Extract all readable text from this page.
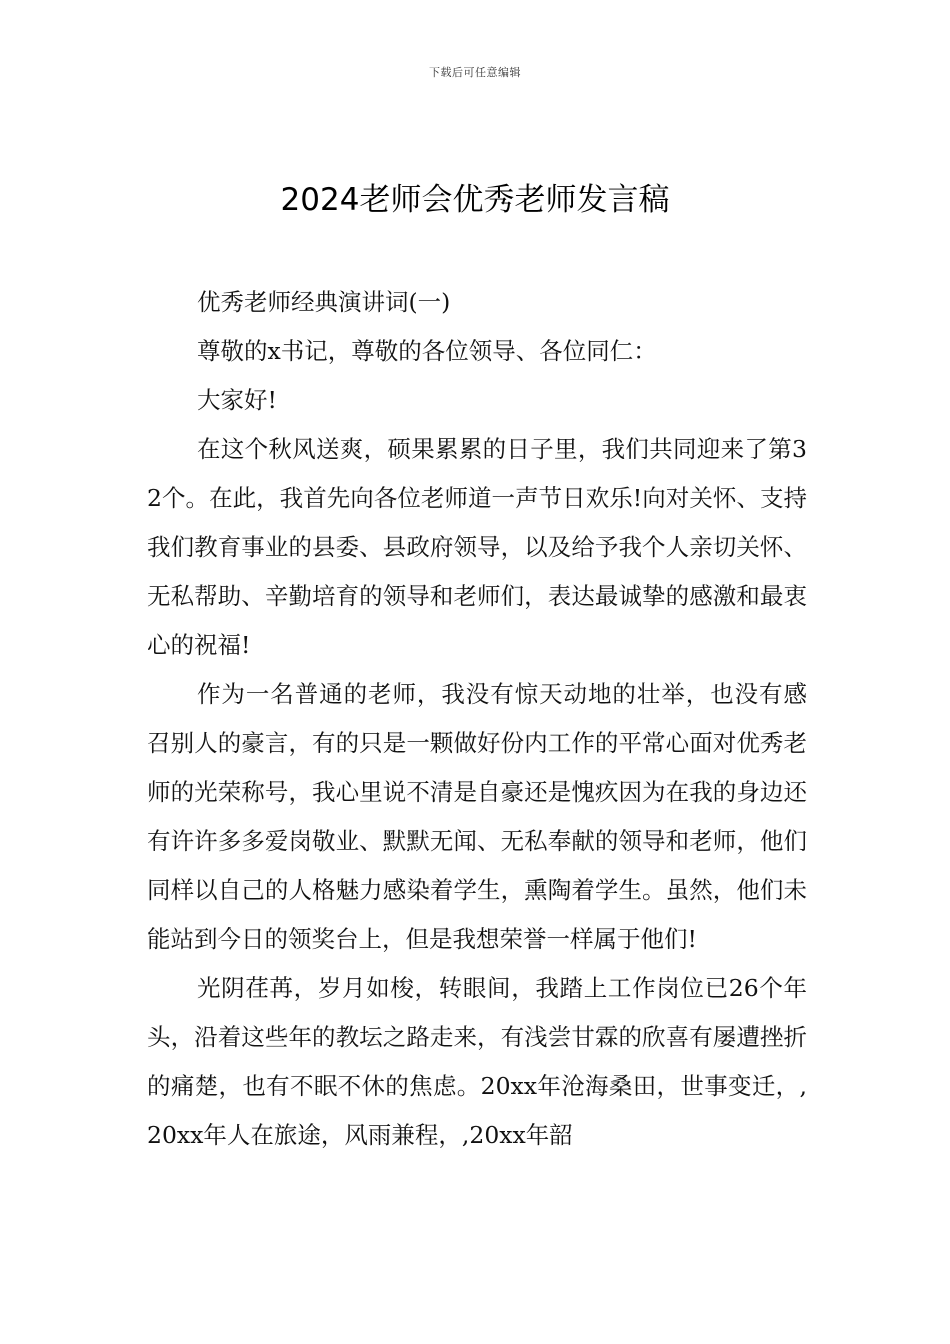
下载后可任意编辑
2024老师会优秀老师发言稿

优秀老师经典演讲词(一)

尊敬的x书记，尊敬的各位领导、各位同仁：

大家好!

在这个秋风送爽，硕果累累的日子里，我们共同迎来了第32个。在此，我首先向各位老师道一声节日欢乐!向对关怀、支持我们教育事业的县委、县政府领导，以及给予我个人亲切关怀、无私帮助、辛勤培育的领导和老师们，表达最诚挚的感激和最衷心的祝福!

作为一名普通的老师，我没有惊天动地的壮举，也没有感召别人的豪言，有的只是一颗做好份内工作的平常心面对优秀老师的光荣称号，我心里说不清是自豪还是愧疚因为在我的身边还有许许多多爱岗敬业、默默无闻、无私奉献的领导和老师，他们同样以自己的人格魅力感染着学生，熏陶着学生。虽然，他们未能站到今日的领奖台上，但是我想荣誉一样属于他们!

光阴荏苒，岁月如梭，转眼间，我踏上工作岗位已26个年头，沿着这些年的教坛之路走来，有浅尝甘霖的欣喜有屡遭挫折的痛楚，也有不眠不休的焦虑。20xx年沧海桑田，世事变迁，,20xx年人在旅途，风雨兼程，,20xx年韶
